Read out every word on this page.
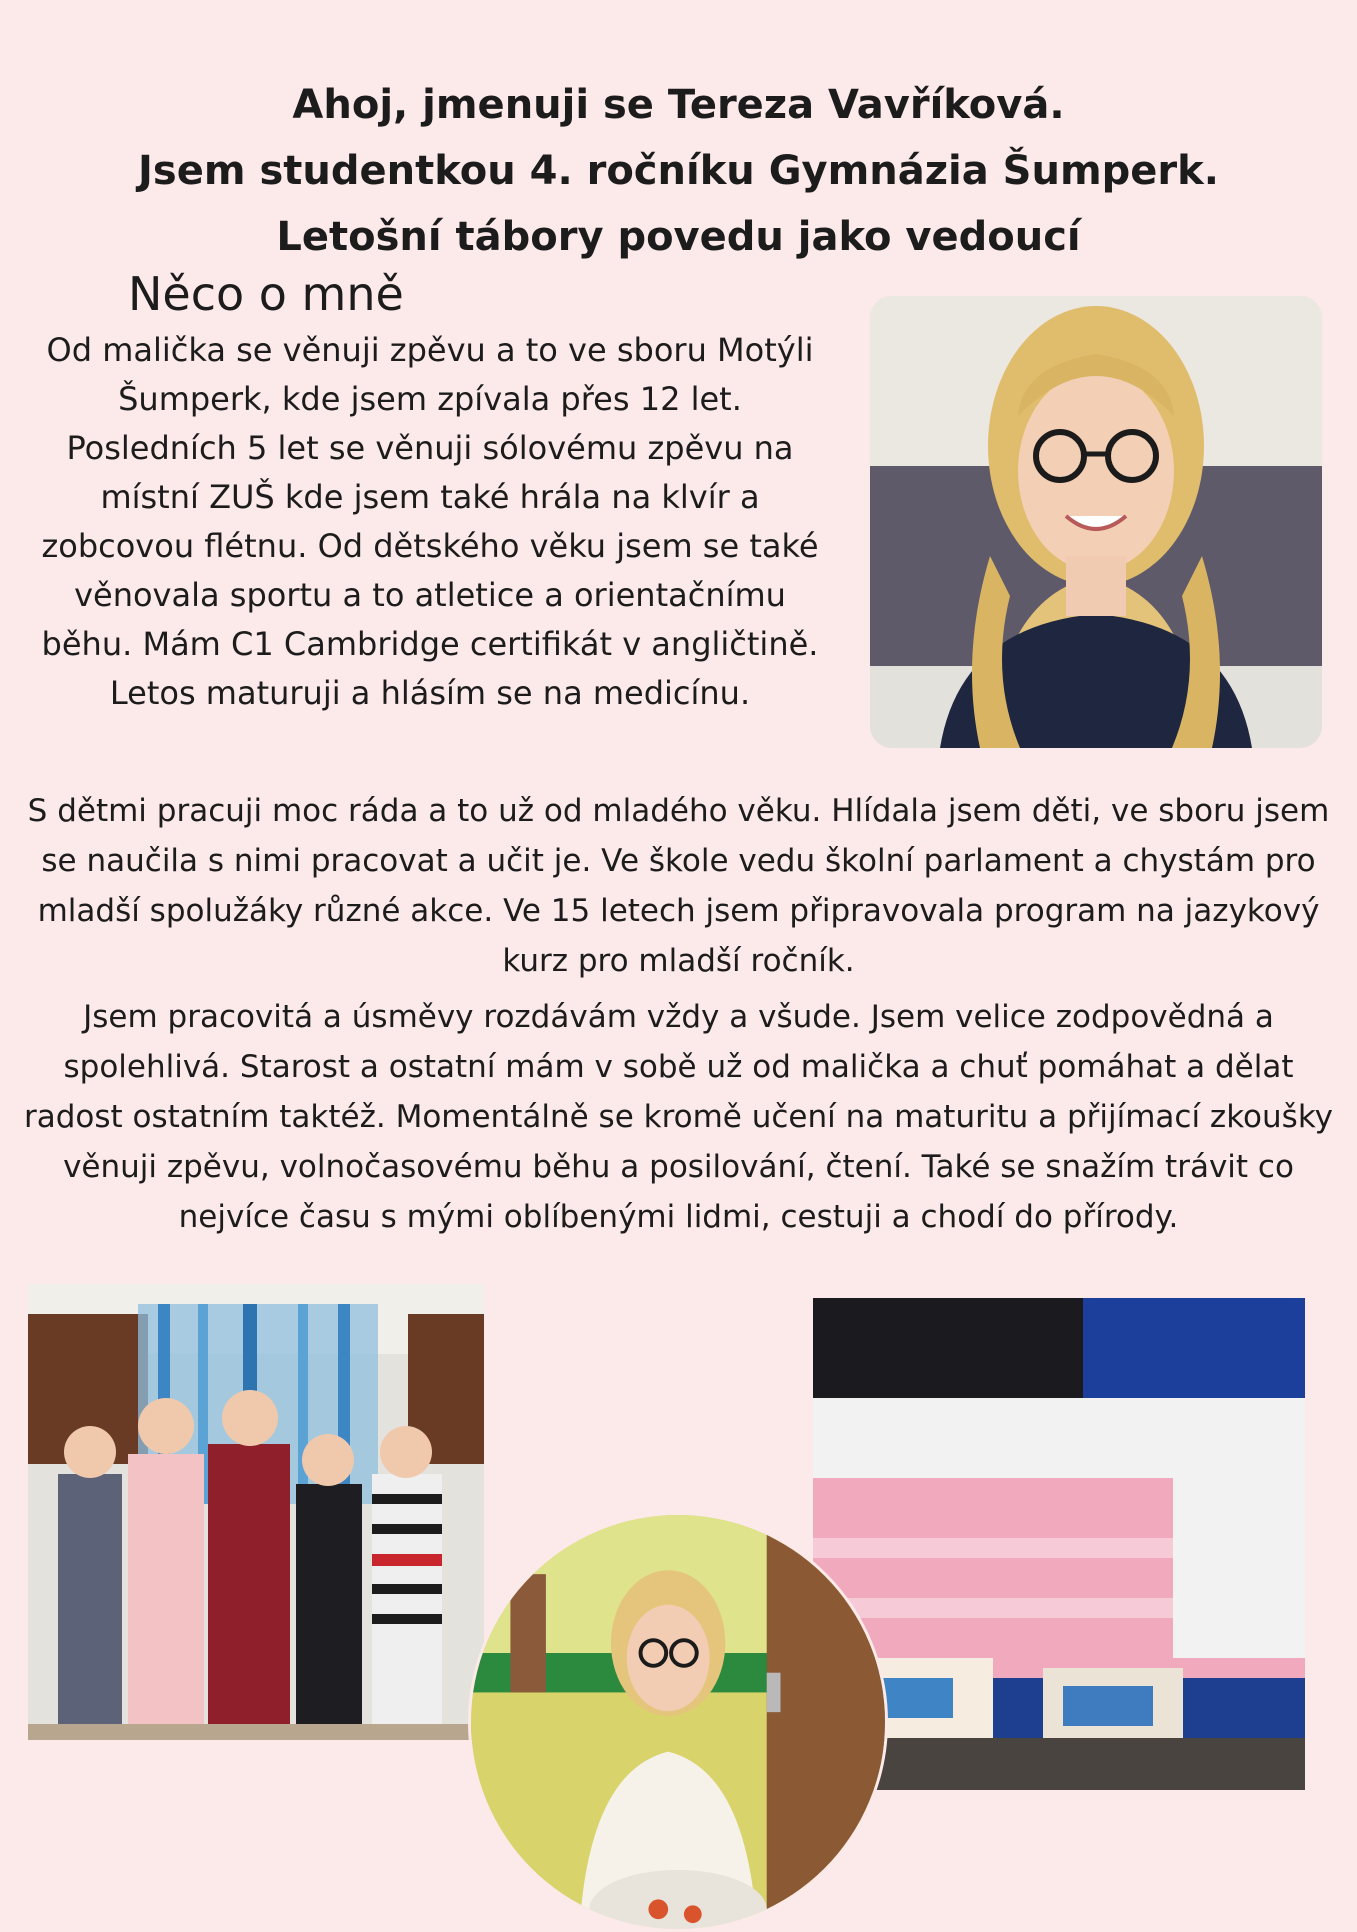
Ahoj, jmenuji se Tereza Vavříková.
Jsem studentkou 4. ročníku Gymnázia Šumperk.
Letošní tábory povedu jako vedoucí
Něco o mně

Od malička se věnuji zpěvu a to ve sboru Motýli Šumperk, kde jsem zpívala přes 12 let. Posledních 5 let se věnuji sólovému zpěvu na místní ZUŠ kde jsem také hrála na klvír a zobcovou flétnu. Od dětského věku jsem se také věnovala sportu a to atletice a orientačnímu běhu. Mám C1 Cambridge certifikát v angličtině. Letos maturuji a hlásím se na medicínu.

S dětmi pracuji moc ráda a to už od mladého věku. Hlídala jsem děti, ve sboru jsem se naučila s nimi pracovat a učit je. Ve škole vedu školní parlament a chystám pro mladší spolužáky různé akce. Ve 15 letech jsem připravovala program na jazykový kurz pro mladší ročník.

Jsem pracovitá a úsměvy rozdávám vždy a všude. Jsem velice zodpovědná a spolehlivá. Starost a ostatní mám v sobě už od malička a chuť pomáhat a dělat radost ostatním taktéž. Momentálně se kromě učení na maturitu a přijímací zkoušky věnuji zpěvu, volnočasovému běhu a posilování, čtení. Také se snažím trávit co nejvíce času s mými oblíbenými lidmi, cestuji a chodí do přírody.
